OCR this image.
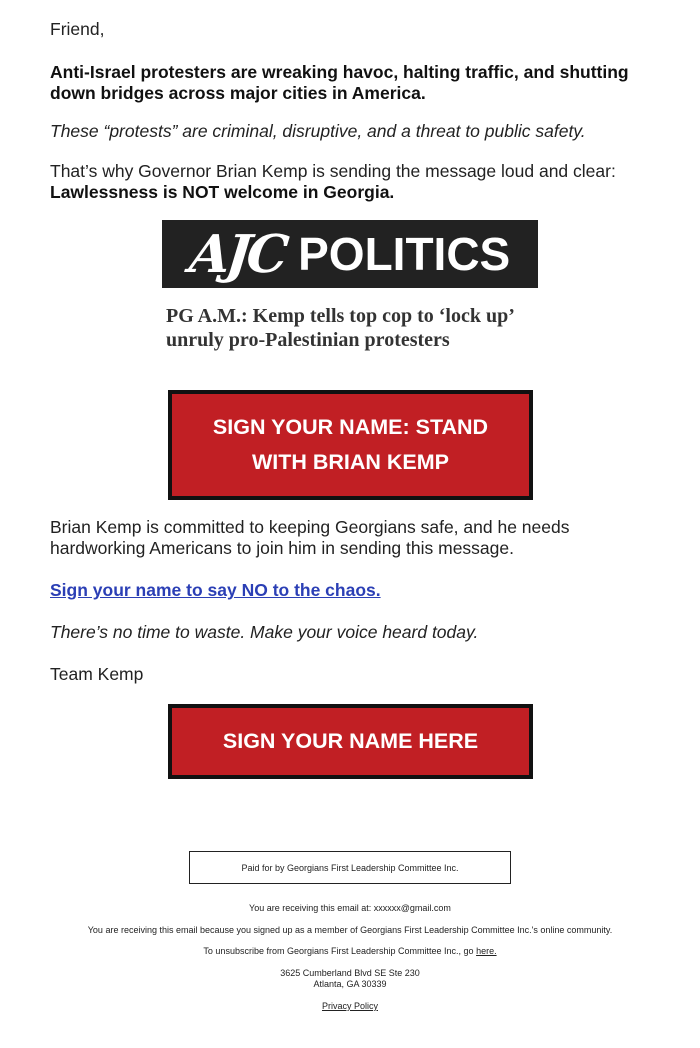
Friend,

Anti-Israel protesters are wreaking havoc, halting traffic, and shutting down bridges across major cities in America.

These “protests” are criminal, disruptive, and a threat to public safety.

That’s why Governor Brian Kemp is sending the message loud and clear:
Lawlessness is NOT welcome in Georgia.

Brian Kemp is committed to keeping Georgians safe, and he needs hardworking Americans to join him in sending this message.

Sign your name to say NO to the chaos.

There’s no time to waste. Make your voice heard today.

Team Kemp

AJC POLITICS
PG A.M.: Kemp tells top cop to ‘lock up’
unruly pro-Palestinian protesters
SIGN YOUR NAME: STAND
WITH BRIAN KEMP
SIGN YOUR NAME HERE
Paid for by Georgians First Leadership Committee Inc.

You are receiving this email at: xxxxxx@gmail.com

You are receiving this email because you signed up as a member of Georgians First Leadership Committee Inc.'s online community.

To unsubscribe from Georgians First Leadership Committee Inc., go here.

3625 Cumberland Blvd SE Ste 230
Atlanta, GA 30339

Privacy Policy
